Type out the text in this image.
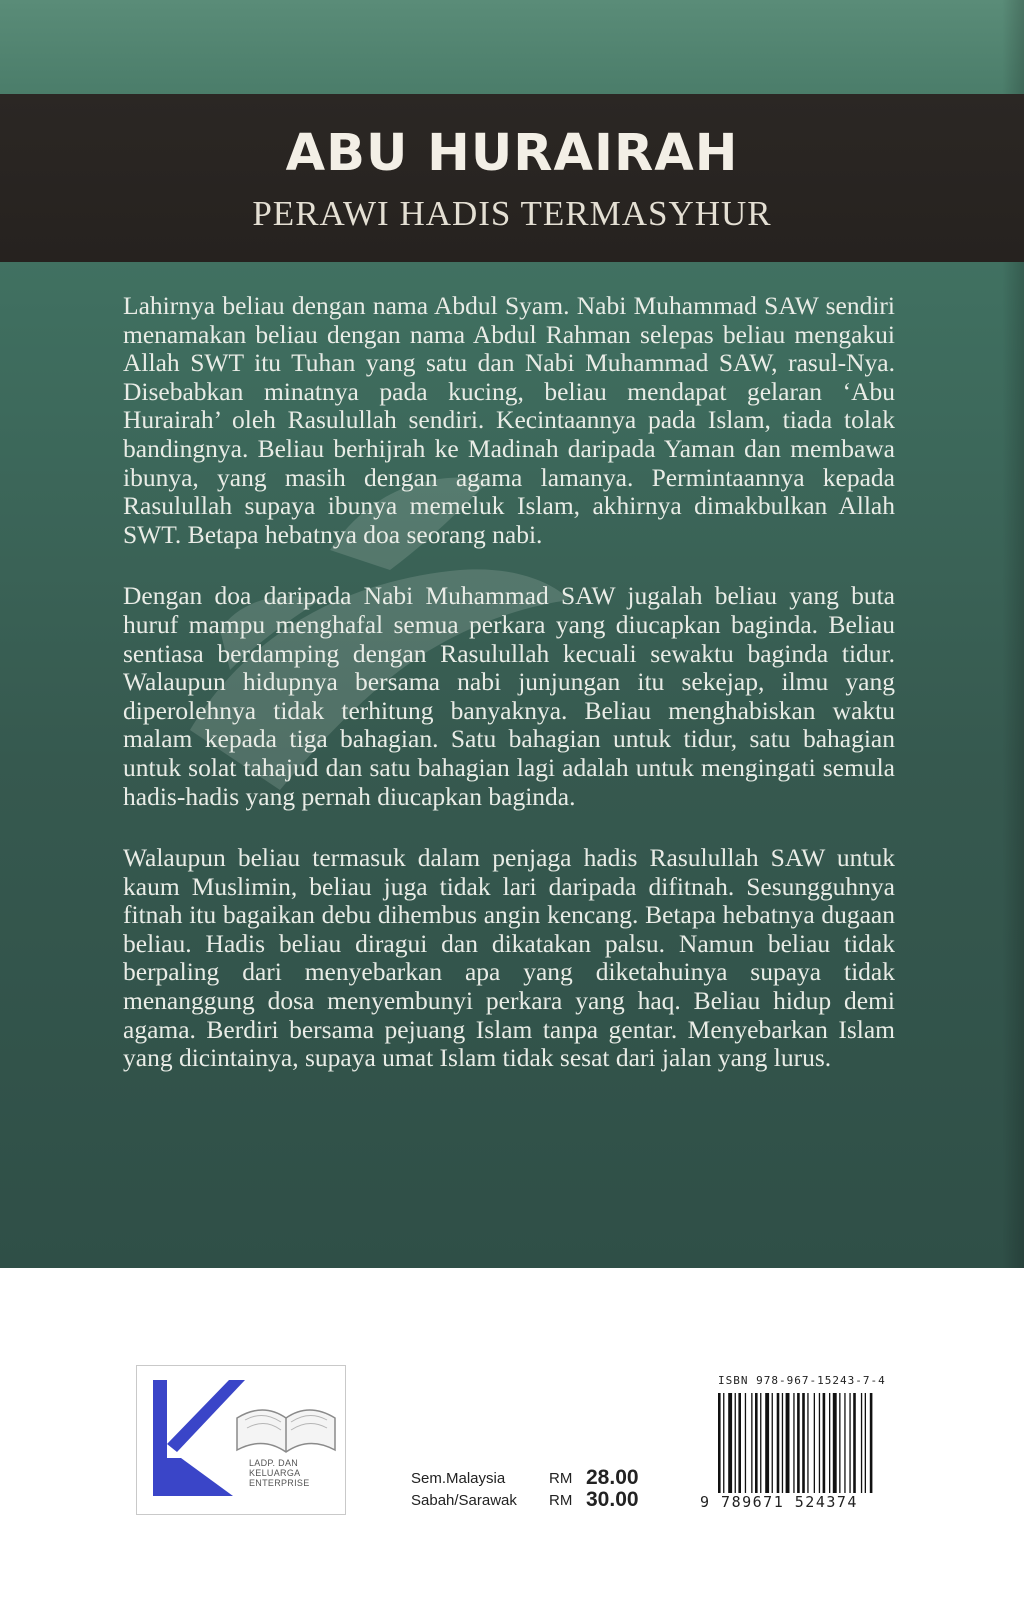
ABU HURAIRAH
PERAWI HADIS TERMASYHUR

Lahirnya beliau dengan nama Abdul Syam. Nabi Muhammad SAW sendiri menamakan beliau dengan nama Abdul Rahman selepas beliau mengakui Allah SWT itu Tuhan yang satu dan Nabi Muhammad SAW, rasul-Nya. Disebabkan minatnya pada kucing, beliau mendapat gelaran ‘Abu Hurairah’ oleh Rasulullah sendiri. Kecintaannya pada Islam, tiada tolak bandingnya. Beliau berhijrah ke Madinah daripada Yaman dan membawa ibunya, yang masih dengan agama lamanya. Permintaannya kepada Rasulullah supaya ibunya memeluk Islam, akhirnya dimakbulkan Allah SWT. Betapa hebatnya doa seorang nabi.

Dengan doa daripada Nabi Muhammad SAW jugalah beliau yang buta huruf mampu menghafal semua perkara yang diucapkan baginda. Beliau sentiasa berdamping dengan Rasulullah kecuali sewaktu baginda tidur. Walaupun hidupnya bersama nabi junjungan itu sekejap, ilmu yang diperolehnya tidak terhitung banyaknya. Beliau menghabiskan waktu malam kepada tiga bahagian. Satu bahagian untuk tidur, satu bahagian untuk solat tahajud dan satu bahagian lagi adalah untuk mengingati semula hadis-hadis yang pernah diucapkan baginda.

Walaupun beliau termasuk dalam penjaga hadis Rasulullah SAW untuk kaum Muslimin, beliau juga tidak lari daripada difitnah. Sesungguhnya fitnah itu bagaikan debu dihembus angin kencang. Betapa hebatnya dugaan beliau. Hadis beliau diragui dan dikatakan palsu. Namun beliau tidak berpaling dari menyebarkan apa yang diketahuinya supaya tidak menanggung dosa menyembunyi perkara yang haq. Beliau hidup demi agama. Berdiri bersama pejuang Islam tanpa gentar. Menyebarkan Islam yang dicintainya, supaya umat Islam tidak sesat dari jalan yang lurus.

LADP. DAN
KELUARGA
ENTERPRISE	Sem.Malaysia	RM 28.00
Sabah/Sarawak RM 30.00
ISBN 978-967-15243-7-4
9 789671 524374
